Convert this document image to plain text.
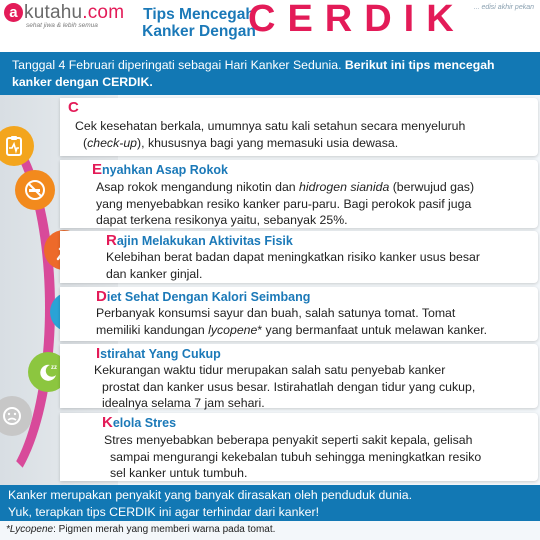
a kutahu.com
sehat jiwa & lebih semua
Tips Mencegah
Kanker Dengan
CERDIK ... edisi akhir pekan
Tanggal 4 Februari diperingati sebagai Hari Kanker Sedunia. Berikut ini tips mencegah kanker dengan CERDIK.
zz
C
Cek kesehatan berkala, umumnya satu kali setahun secara menyeluruh
(check-up), khususnya bagi yang memasuki usia dewasa.
Enyahkan Asap Rokok
Asap rokok mengandung nikotin dan hidrogen sianida (berwujud gas)
yang menyebabkan resiko kanker paru-paru. Bagi perokok pasif juga
dapat terkena resikonya yaitu, sebanyak 25%.
Rajin Melakukan Aktivitas Fisik
Kelebihan berat badan dapat meningkatkan risiko kanker usus besar
dan kanker ginjal.
Diet Sehat Dengan Kalori Seimbang
Perbanyak konsumsi sayur dan buah, salah satunya tomat. Tomat
memiliki kandungan lycopene* yang bermanfaat untuk melawan kanker.
Istirahat Yang Cukup
Kekurangan waktu tidur merupakan salah satu penyebab kanker
prostat dan kanker usus besar. Istirahatlah dengan tidur yang cukup,
idealnya selama 7 jam sehari.
Kelola Stres
Stres menyebabkan beberapa penyakit seperti sakit kepala, gelisah
sampai mengurangi kekebalan tubuh sehingga meningkatkan resiko
sel kanker untuk tumbuh.
Kanker merupakan penyakit yang banyak dirasakan oleh penduduk dunia.
Yuk, terapkan tips CERDIK ini agar terhindar dari kanker!
*Lycopene: Pigmen merah yang memberi warna pada tomat.
